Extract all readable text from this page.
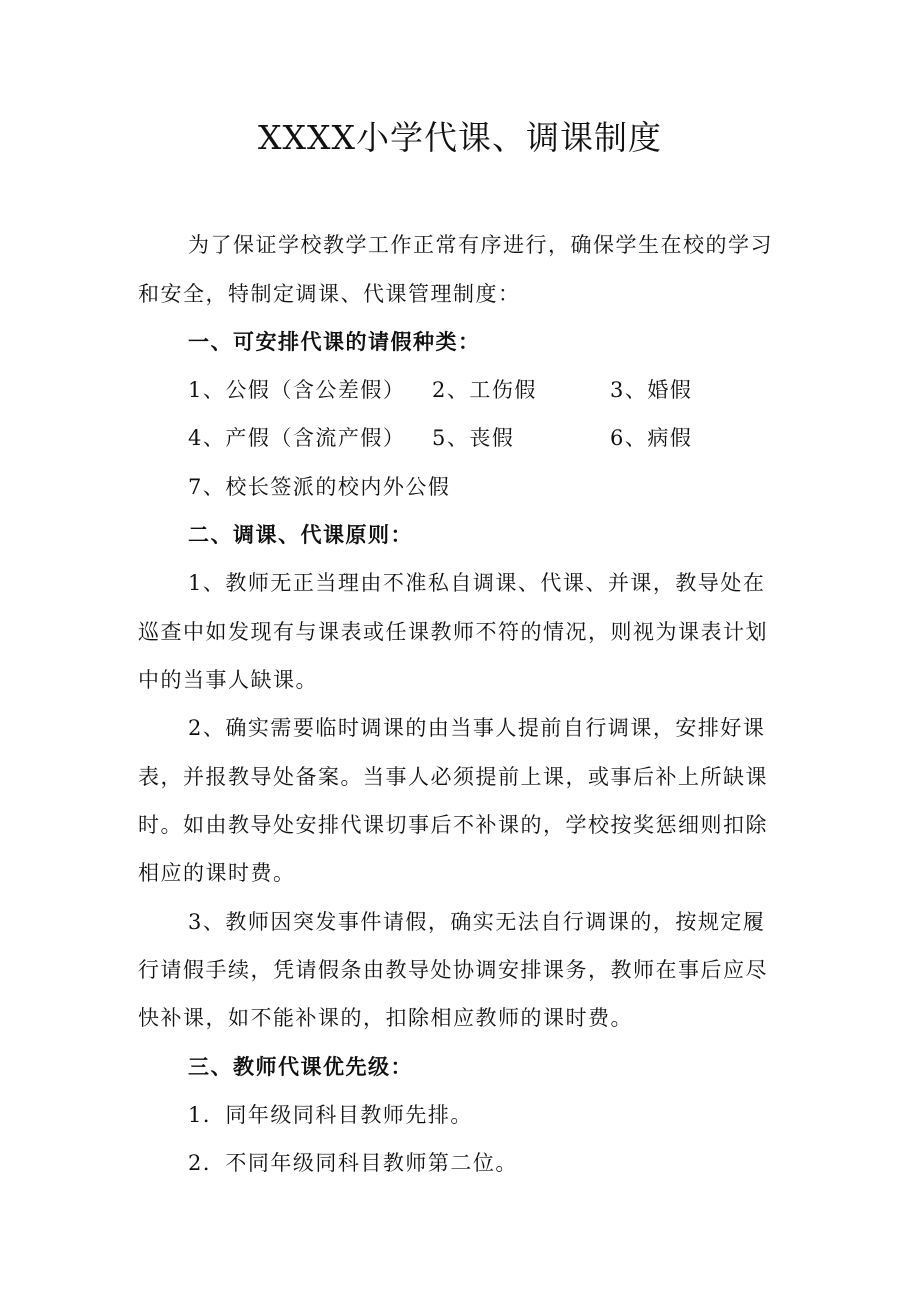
XXXX小学代课、调课制度
为了保证学校教学工作正常有序进行，确保学生在校的学习
和安全，特制定调课、代课管理制度：
一、可安排代课的请假种类：
1、公假（含公差假） 2、工伤假	3、婚假
4、产假（含流产假） 5、丧假	6、病假
7、校长签派的校内外公假
二、调课、代课原则：
1、教师无正当理由不准私自调课、代课、并课，教导处在
巡查中如发现有与课表或任课教师不符的情况，则视为课表计划
中的当事人缺课。
2、确实需要临时调课的由当事人提前自行调课，安排好课
表，并报教导处备案。当事人必须提前上课，或事后补上所缺课
时。如由教导处安排代课切事后不补课的，学校按奖惩细则扣除
相应的课时费。
3、教师因突发事件请假，确实无法自行调课的，按规定履
行请假手续，凭请假条由教导处协调安排课务，教师在事后应尽
快补课，如不能补课的，扣除相应教师的课时费。
三、教师代课优先级：
1．同年级同科目教师先排。
2．不同年级同科目教师第二位。
